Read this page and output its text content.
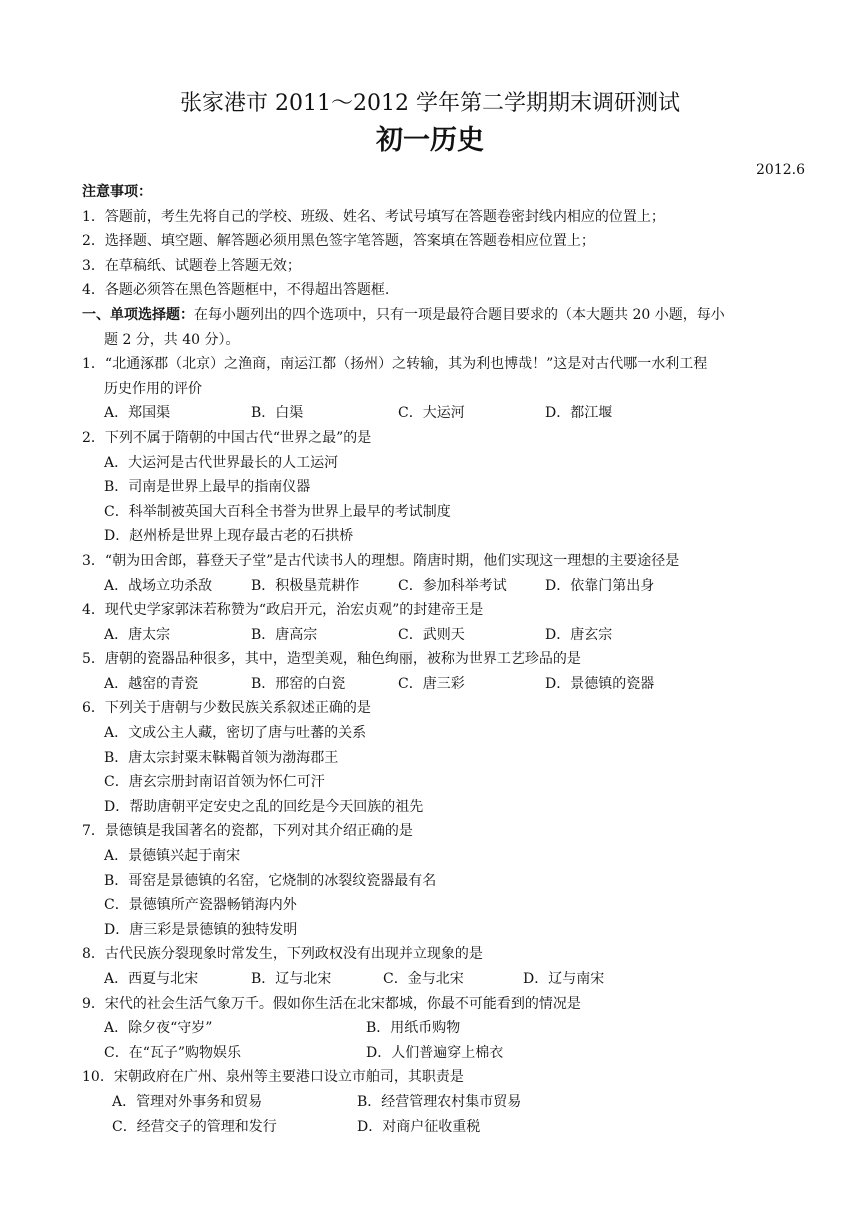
张家港市 2011～2012 学年第二学期期末调研测试
初一历史
2012.6
注意事项：
1．答题前，考生先将自己的学校、班级、姓名、考试号填写在答题卷密封线内相应的位置上；
2．选择题、填空题、解答题必须用黑色签字笔答题，答案填在答题卷相应位置上；
3．在草稿纸、试题卷上答题无效；
4．各题必须答在黑色答题框中，不得超出答题框.
一、单项选择题：在每小题列出的四个选项中，只有一项是最符合题目要求的（本大题共 20 小题，每小
题 2 分，共 40 分）。
1．“北通涿郡（北京）之渔商，南运江都（扬州）之转输，其为利也博哉！”这是对古代哪一水利工程
历史作用的评价
A．郑国渠	B．白渠	C．大运河	D．都江堰
2．下列不属于隋朝的中国古代“世界之最”的是
A．大运河是古代世界最长的人工运河
B．司南是世界上最早的指南仪器
C．科举制被英国大百科全书誉为世界上最早的考试制度
D．赵州桥是世界上现存最古老的石拱桥
3．“朝为田舍郎，暮登天子堂”是古代读书人的理想。隋唐时期，他们实现这一理想的主要途径是
A．战场立功杀敌	B．积极垦荒耕作	C．参加科举考试	D．依靠门第出身
4．现代史学家郭沫若称赞为“政启开元，治宏贞观”的封建帝王是
A．唐太宗	B．唐高宗	C．武则天	D．唐玄宗
5．唐朝的瓷器品种很多，其中，造型美观，釉色绚丽，被称为世界工艺珍品的是
A．越窑的青瓷	B．邢窑的白瓷	C．唐三彩	D．景德镇的瓷器
6．下列关于唐朝与少数民族关系叙述正确的是
A．文成公主人藏，密切了唐与吐蕃的关系
B．唐太宗封粟末靺鞨首领为渤海郡王
C．唐玄宗册封南诏首领为怀仁可汗
D．帮助唐朝平定安史之乱的回纥是今天回族的祖先
7．景德镇是我国著名的瓷都，下列对其介绍正确的是
A．景德镇兴起于南宋
B．哥窑是景德镇的名窑，它烧制的冰裂纹瓷器最有名
C．景德镇所产瓷器畅销海内外
D．唐三彩是景德镇的独特发明
8．古代民族分裂现象时常发生，下列政权没有出现并立现象的是
A．西夏与北宋	B．辽与北宋	C．金与北宋	D．辽与南宋
9．宋代的社会生活气象万千。假如你生活在北宋都城，你最不可能看到的情况是
A．除夕夜“守岁”	B．用纸币购物
C．在“瓦子”购物娱乐	D．人们普遍穿上棉衣
10．宋朝政府在广州、泉州等主要港口设立市舶司，其职责是
A．管理对外事务和贸易	B．经营管理农村集市贸易
C．经营交子的管理和发行	D．对商户征收重税
